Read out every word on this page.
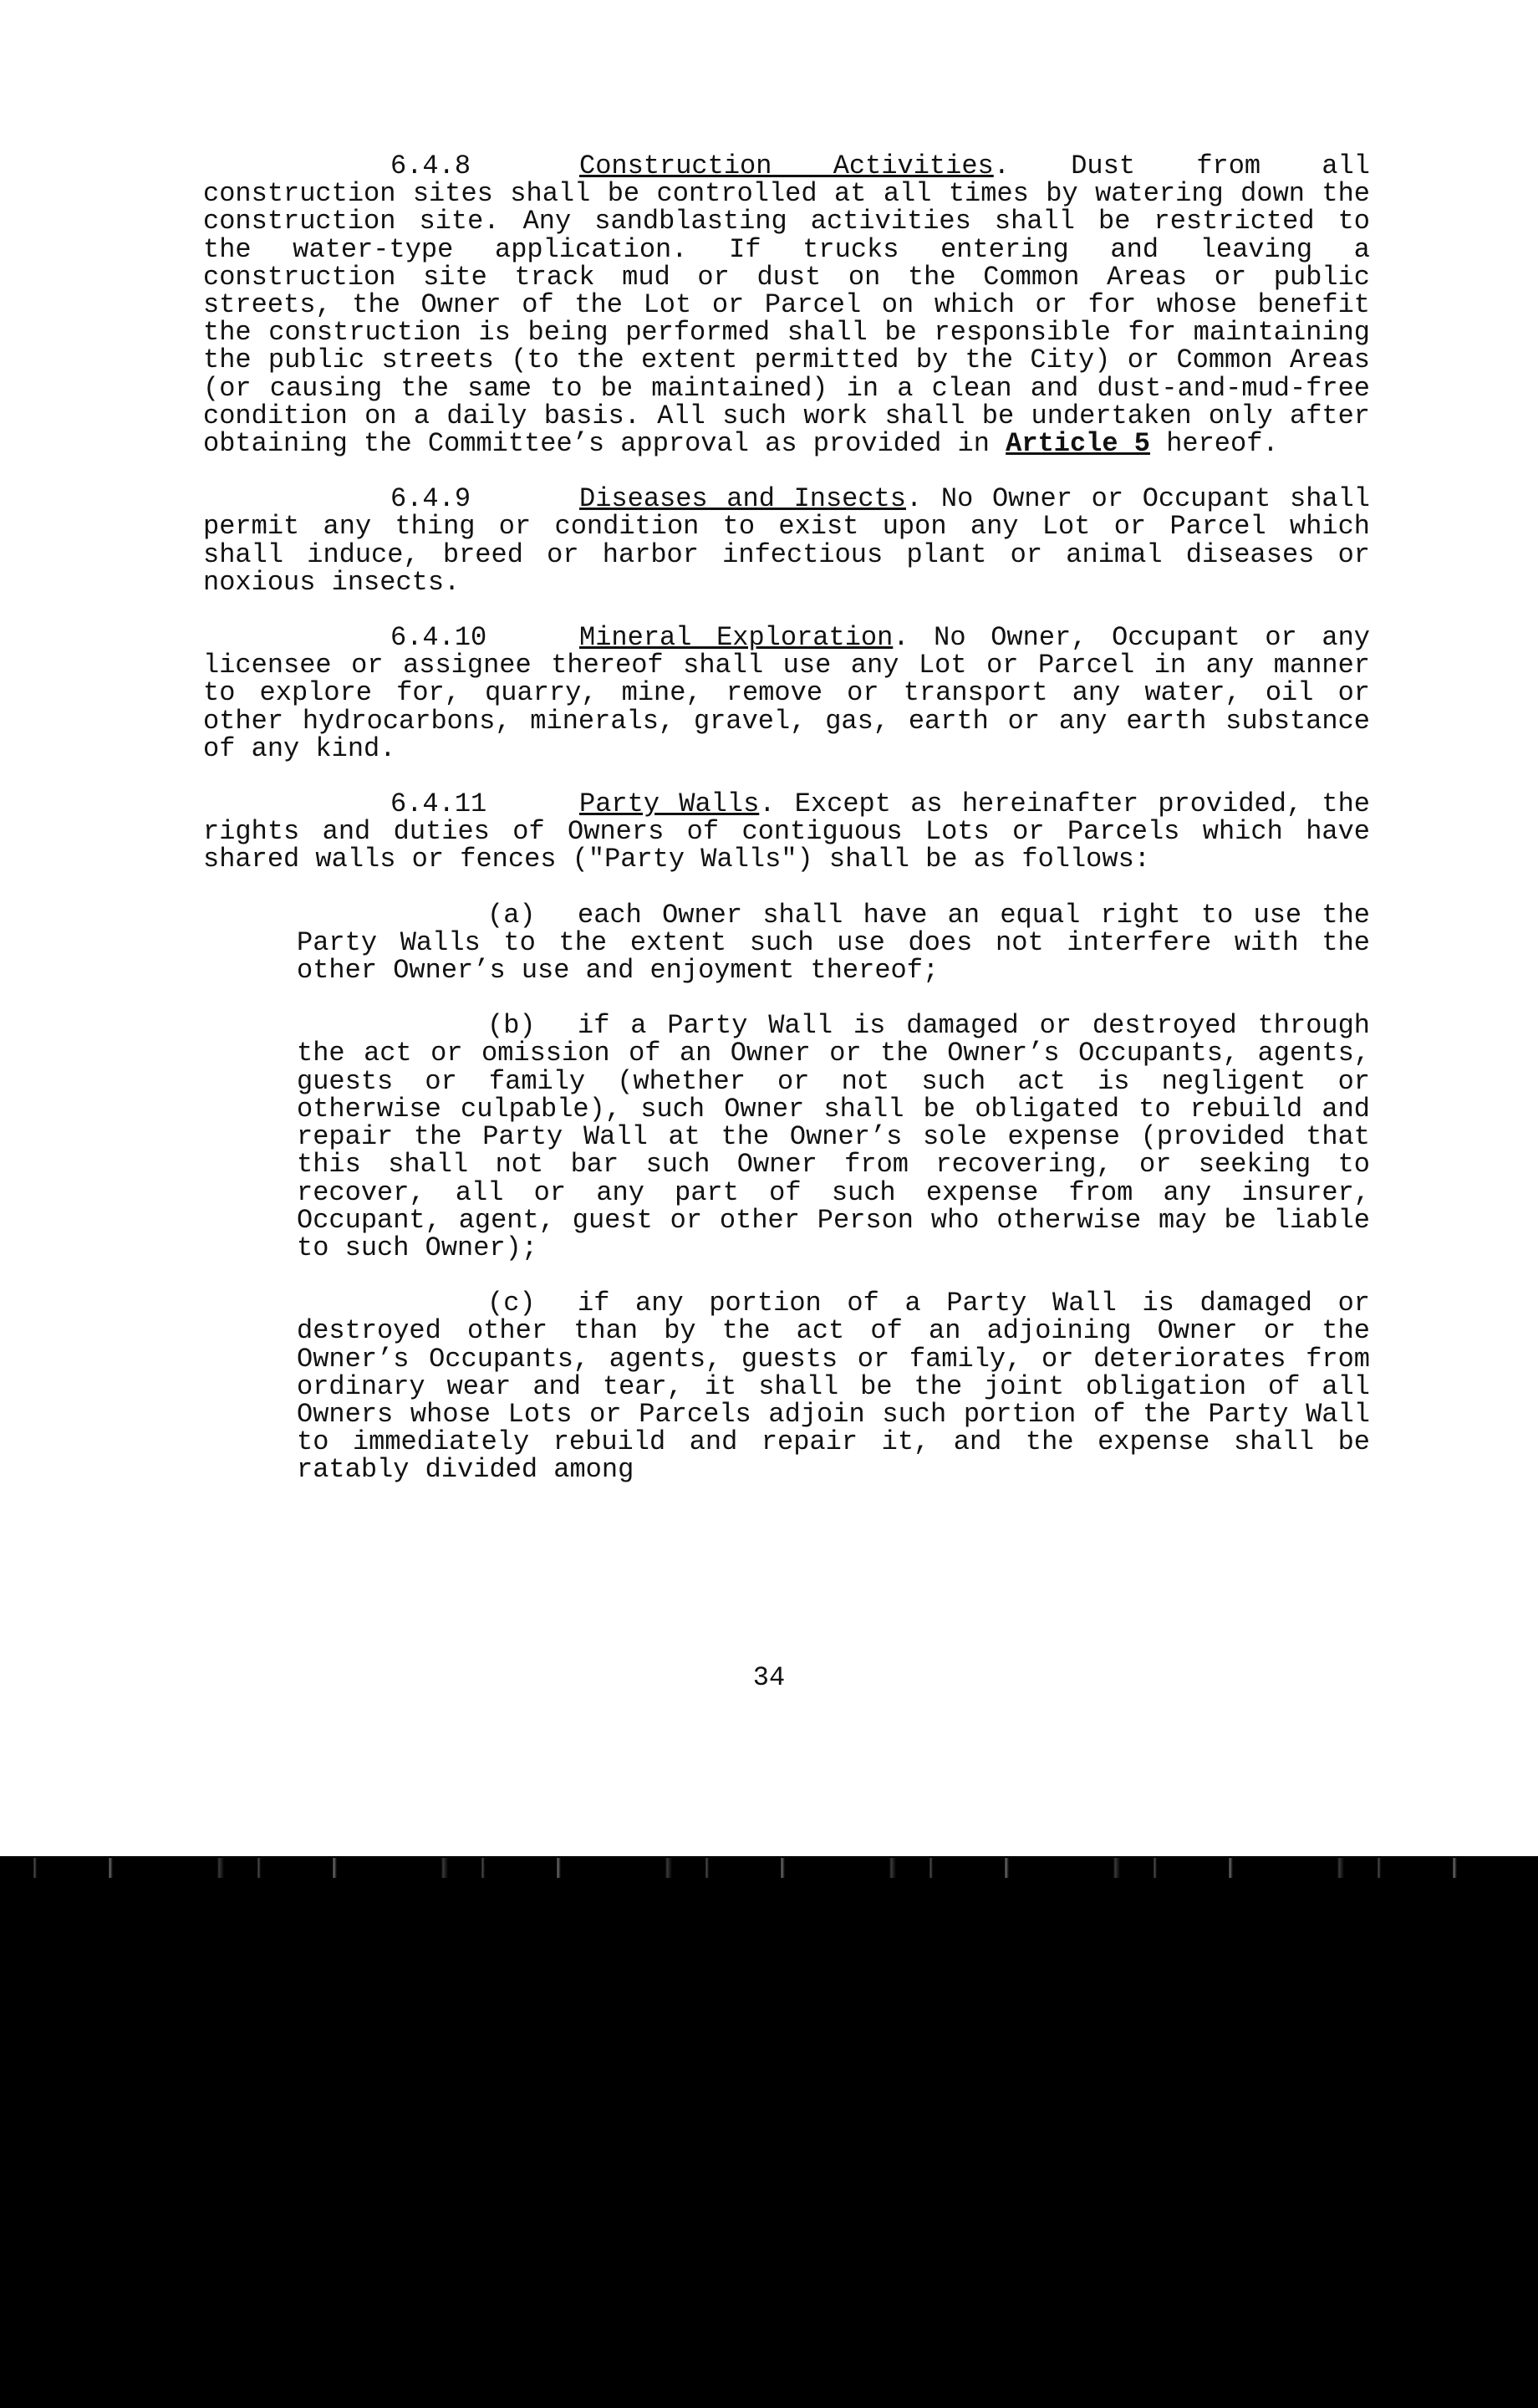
6.4.8	Construction Activities. Dust from all construction sites shall be controlled at all times by watering down the construction site. Any sandblasting activities shall be restricted to the water-type application. If trucks entering and leaving a construction site track mud or dust on the Common Areas or public streets, the Owner of the Lot or Parcel on which or for whose benefit the construction is being performed shall be responsible for maintaining the public streets (to the extent permitted by the City) or Common Areas (or causing the same to be maintained) in a clean and dust-and-mud-free condition on a daily basis. All such work shall be undertaken only after obtaining the Committee’s approval as provided in Article 5 hereof.

6.4.9	Diseases and Insects. No Owner or Occupant shall permit any thing or condition to exist upon any Lot or Parcel which shall induce, breed or harbor infectious plant or animal diseases or noxious insects.

6.4.10	Mineral Exploration. No Owner, Occupant or any licensee or assignee thereof shall use any Lot or Parcel in any manner to explore for, quarry, mine, remove or transport any water, oil or other hydrocarbons, minerals, gravel, gas, earth or any earth substance of any kind.

6.4.11	Party Walls. Except as hereinafter provided, the rights and duties of Owners of contiguous Lots or Parcels which have shared walls or fences ("Party Walls") shall be as follows:

(a) each Owner shall have an equal right to use the Party Walls to the extent such use does not interfere with the other Owner’s use and enjoyment thereof;

(b) if a Party Wall is damaged or destroyed through the act or omission of an Owner or the Owner’s Occupants, agents, guests or family (whether or not such act is negligent or otherwise culpable), such Owner shall be obligated to rebuild and repair the Party Wall at the Owner’s sole expense (provided that this shall not bar such Owner from recovering, or seeking to recover, all or any part of such expense from any insurer, Occupant, agent, guest or other Person who otherwise may be liable to such Owner);

(c) if any portion of a Party Wall is damaged or destroyed other than by the act of an adjoining Owner or the Owner’s Occupants, agents, guests or family, or deteriorates from ordinary wear and tear, it shall be the joint obligation of all Owners whose Lots or Parcels adjoin such portion of the Party Wall to immediately rebuild and repair it, and the expense shall be ratably divided among

34
